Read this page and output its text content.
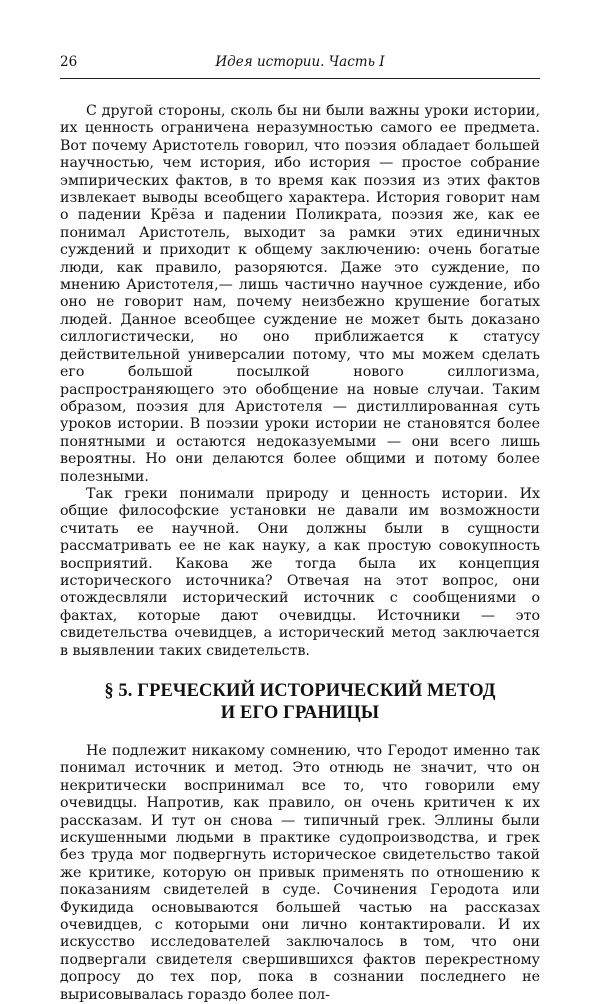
26	Идея истории. Часть I

С другой стороны, сколь бы ни были важны уроки истории, их ценность ограничена неразумностью самого ее предмета. Вот почему Аристотель говорил, что поэзия обладает большей научностью, чем история, ибо история — простое собрание эмпирических фактов, в то время как поэзия из этих фактов извлекает выводы всеобщего характера. История говорит нам о падении Крёза и падении Поликрата, поэзия же, как ее понимал Аристотель, выходит за рамки этих единичных суждений и приходит к общему заключению: очень богатые люди, как правило, разоряются. Даже это суждение, по мнению Аристотеля,— лишь частично научное суждение, ибо оно не говорит нам, почему неизбежно крушение богатых людей. Данное всеобщее суждение не может быть доказано силлогистически, но оно приближается к статусу действительной универсалии потому, что мы можем сделать его большой посылкой нового силлогизма, распространяющего это обобщение на новые случаи. Таким образом, поэзия для Аристотеля — дистиллированная суть уроков истории. В поэзии уроки истории не становятся более понятными и остаются недоказуемыми — они всего лишь вероятны. Но они делаются более общими и потому более полезными.

Так греки понимали природу и ценность истории. Их общие философские установки не давали им возможности считать ее научной. Они должны были в сущности рассматривать ее не как науку, а как простую совокупность восприятий. Какова же тогда была их концепция исторического источника? Отвечая на этот вопрос, они отождесвляли исторический источник с сообщениями о фактах, которые дают очевидцы. Источники — это свидетельства очевидцев, а исторический метод заключается в выявлении таких свидетельств.

§ 5. ГРЕЧЕСКИЙ ИСТОРИЧЕСКИЙ МЕТОД
И ЕГО ГРАНИЦЫ

Не подлежит никакому сомнению, что Геродот именно так понимал источник и метод. Это отнюдь не значит, что он некритически воспринимал все то, что говорили ему очевидцы. Напротив, как правило, он очень критичен к их рассказам. И тут он снова — типичный грек. Эллины были искушенными людьми в практике судопроизводства, и грек без труда мог подвергнуть историческое свидетельство такой же критике, которую он привык применять по отношению к показаниям свидетелей в суде. Сочинения Геродота или Фукидида основываются большей частью на рассказах очевидцев, с которыми они лично контактировали. И их искусство исследователей заключалось в том, что они подвергали свидетеля свершившихся фактов перекрестному допросу до тех пор, пока в сознании последнего не вырисовывалась гораздо более пол-
